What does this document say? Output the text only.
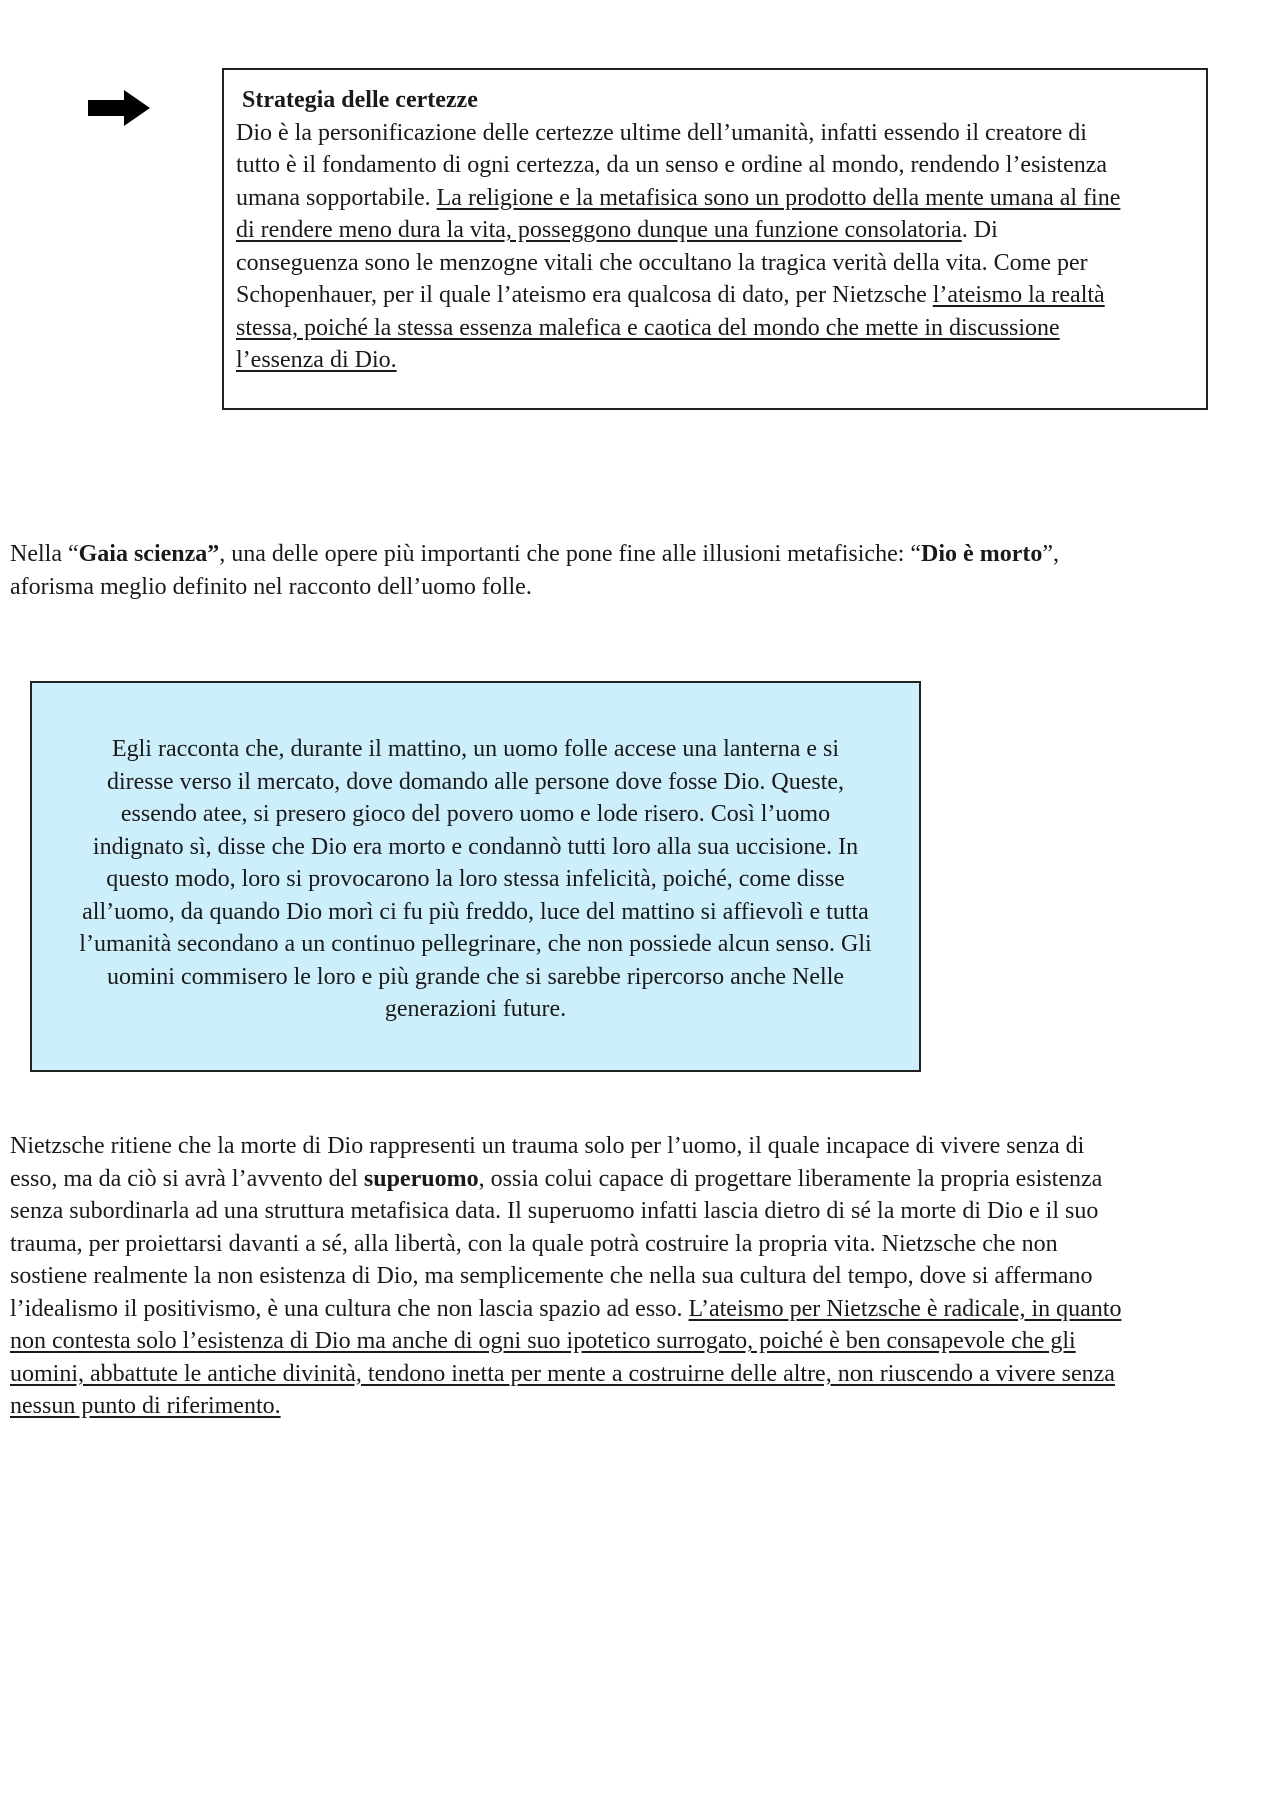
Strategia delle certezze
Dio è la personificazione delle certezze ultime dell’umanità, infatti essendo il creatore di
tutto è il fondamento di ogni certezza, da un senso e ordine al mondo, rendendo l’esistenza
umana sopportabile. La religione e la metafisica sono un prodotto della mente umana al fine
di rendere meno dura la vita, posseggono dunque una funzione consolatoria. Di
conseguenza sono le menzogne vitali che occultano la tragica verità della vita. Come per
Schopenhauer, per il quale l’ateismo era qualcosa di dato, per Nietzsche l’ateismo la realtà
stessa, poiché la stessa essenza malefica e caotica del mondo che mette in discussione
l’essenza di Dio.
Nella “Gaia scienza”, una delle opere più importanti che pone fine alle illusioni metafisiche: “Dio è morto”,
aforisma meglio definito nel racconto dell’uomo folle.
Egli racconta che, durante il mattino, un uomo folle accese una lanterna e si
diresse verso il mercato, dove domando alle persone dove fosse Dio. Queste,
essendo atee, si presero gioco del povero uomo e lode risero. Così l’uomo
indignato sì, disse che Dio era morto e condannò tutti loro alla sua uccisione. In
questo modo, loro si provocarono la loro stessa infelicità, poiché, come disse
all’uomo, da quando Dio morì ci fu più freddo, luce del mattino si affievolì e tutta
l’umanità secondano a un continuo pellegrinare, che non possiede alcun senso. Gli
uomini commisero le loro e più grande che si sarebbe ripercorso anche Nelle
generazioni future.
Nietzsche ritiene che la morte di Dio rappresenti un trauma solo per l’uomo, il quale incapace di vivere senza di
esso, ma da ciò si avrà l’avvento del superuomo, ossia colui capace di progettare liberamente la propria esistenza
senza subordinarla ad una struttura metafisica data. Il superuomo infatti lascia dietro di sé la morte di Dio e il suo
trauma, per proiettarsi davanti a sé, alla libertà, con la quale potrà costruire la propria vita. Nietzsche che non
sostiene realmente la non esistenza di Dio, ma semplicemente che nella sua cultura del tempo, dove si affermano
l’idealismo il positivismo, è una cultura che non lascia spazio ad esso. L’ateismo per Nietzsche è radicale, in quanto
non contesta solo l’esistenza di Dio ma anche di ogni suo ipotetico surrogato, poiché è ben consapevole che gli
uomini, abbattute le antiche divinità, tendono inetta per mente a costruirne delle altre, non riuscendo a vivere senza
nessun punto di riferimento.
